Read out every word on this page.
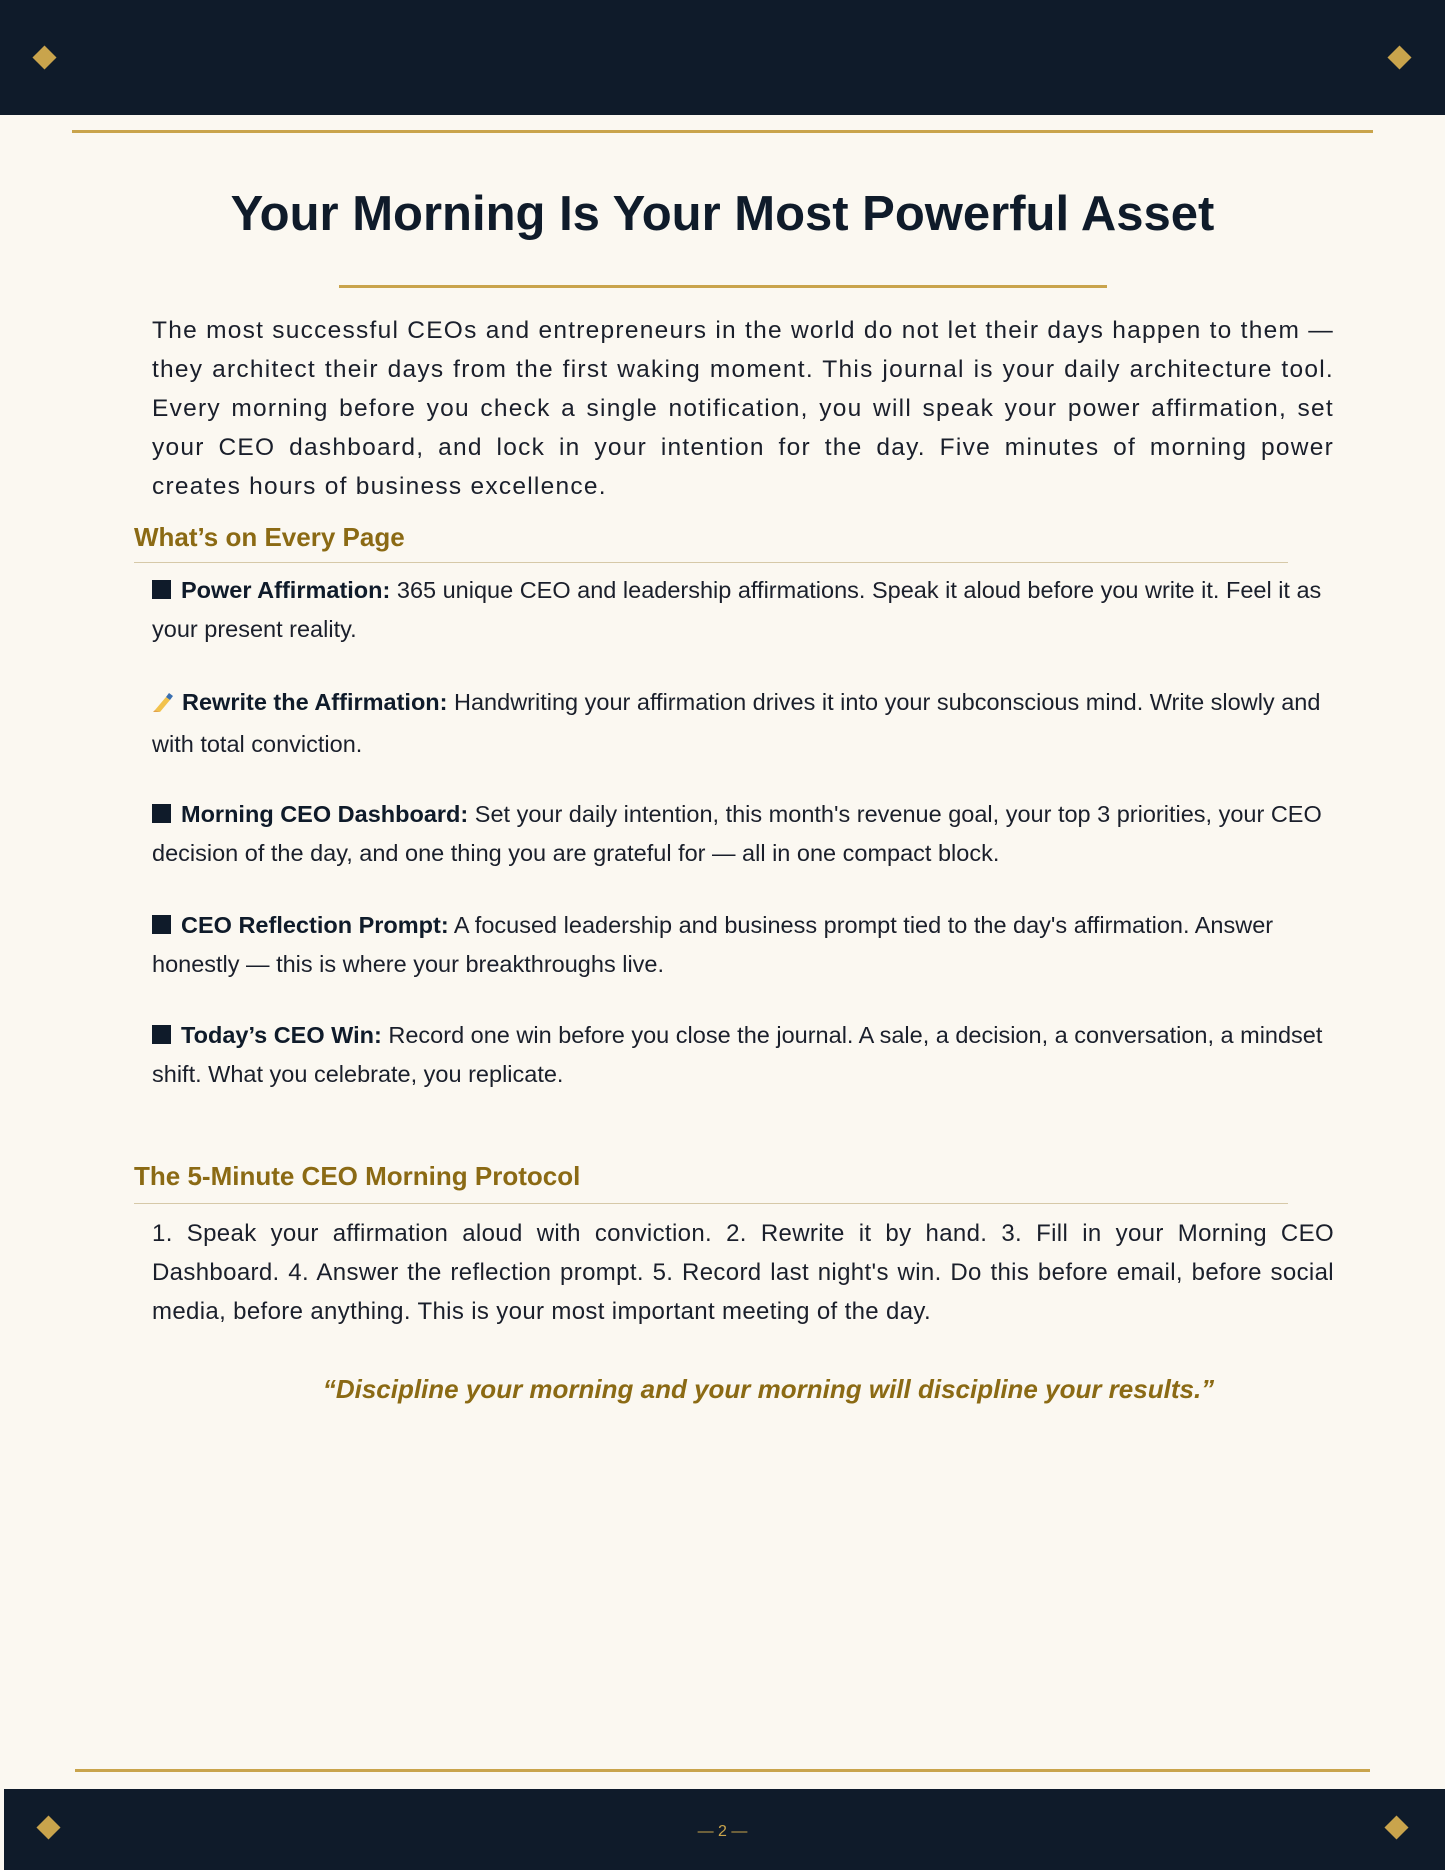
Your Morning Is Your Most Powerful Asset

The most successful CEOs and entrepreneurs in the world do not let their days happen to them — they architect their days from the first waking moment. This journal is your daily architecture tool. Every morning before you check a single notification, you will speak your power affirmation, set your CEO dashboard, and lock in your intention for the day. Five minutes of morning power creates hours of business excellence.

What’s on Every Page

Power Affirmation: 365 unique CEO and leadership affirmations. Speak it aloud before you write it. Feel it as your present reality.

Rewrite the Affirmation: Handwriting your affirmation drives it into your subconscious mind. Write slowly and with total conviction.

Morning CEO Dashboard: Set your daily intention, this month's revenue goal, your top 3 priorities, your CEO decision of the day, and one thing you are grateful for — all in one compact block.

CEO Reflection Prompt: A focused leadership and business prompt tied to the day's affirmation. Answer honestly — this is where your breakthroughs live.

Today’s CEO Win: Record one win before you close the journal. A sale, a decision, a conversation, a mindset shift. What you celebrate, you replicate.

The 5-Minute CEO Morning Protocol

1. Speak your affirmation aloud with conviction. 2. Rewrite it by hand. 3. Fill in your Morning CEO Dashboard. 4. Answer the reflection prompt. 5. Record last night's win. Do this before email, before social media, before anything. This is your most important meeting of the day.

“Discipline your morning and your morning will discipline your results.”

— 2 —
